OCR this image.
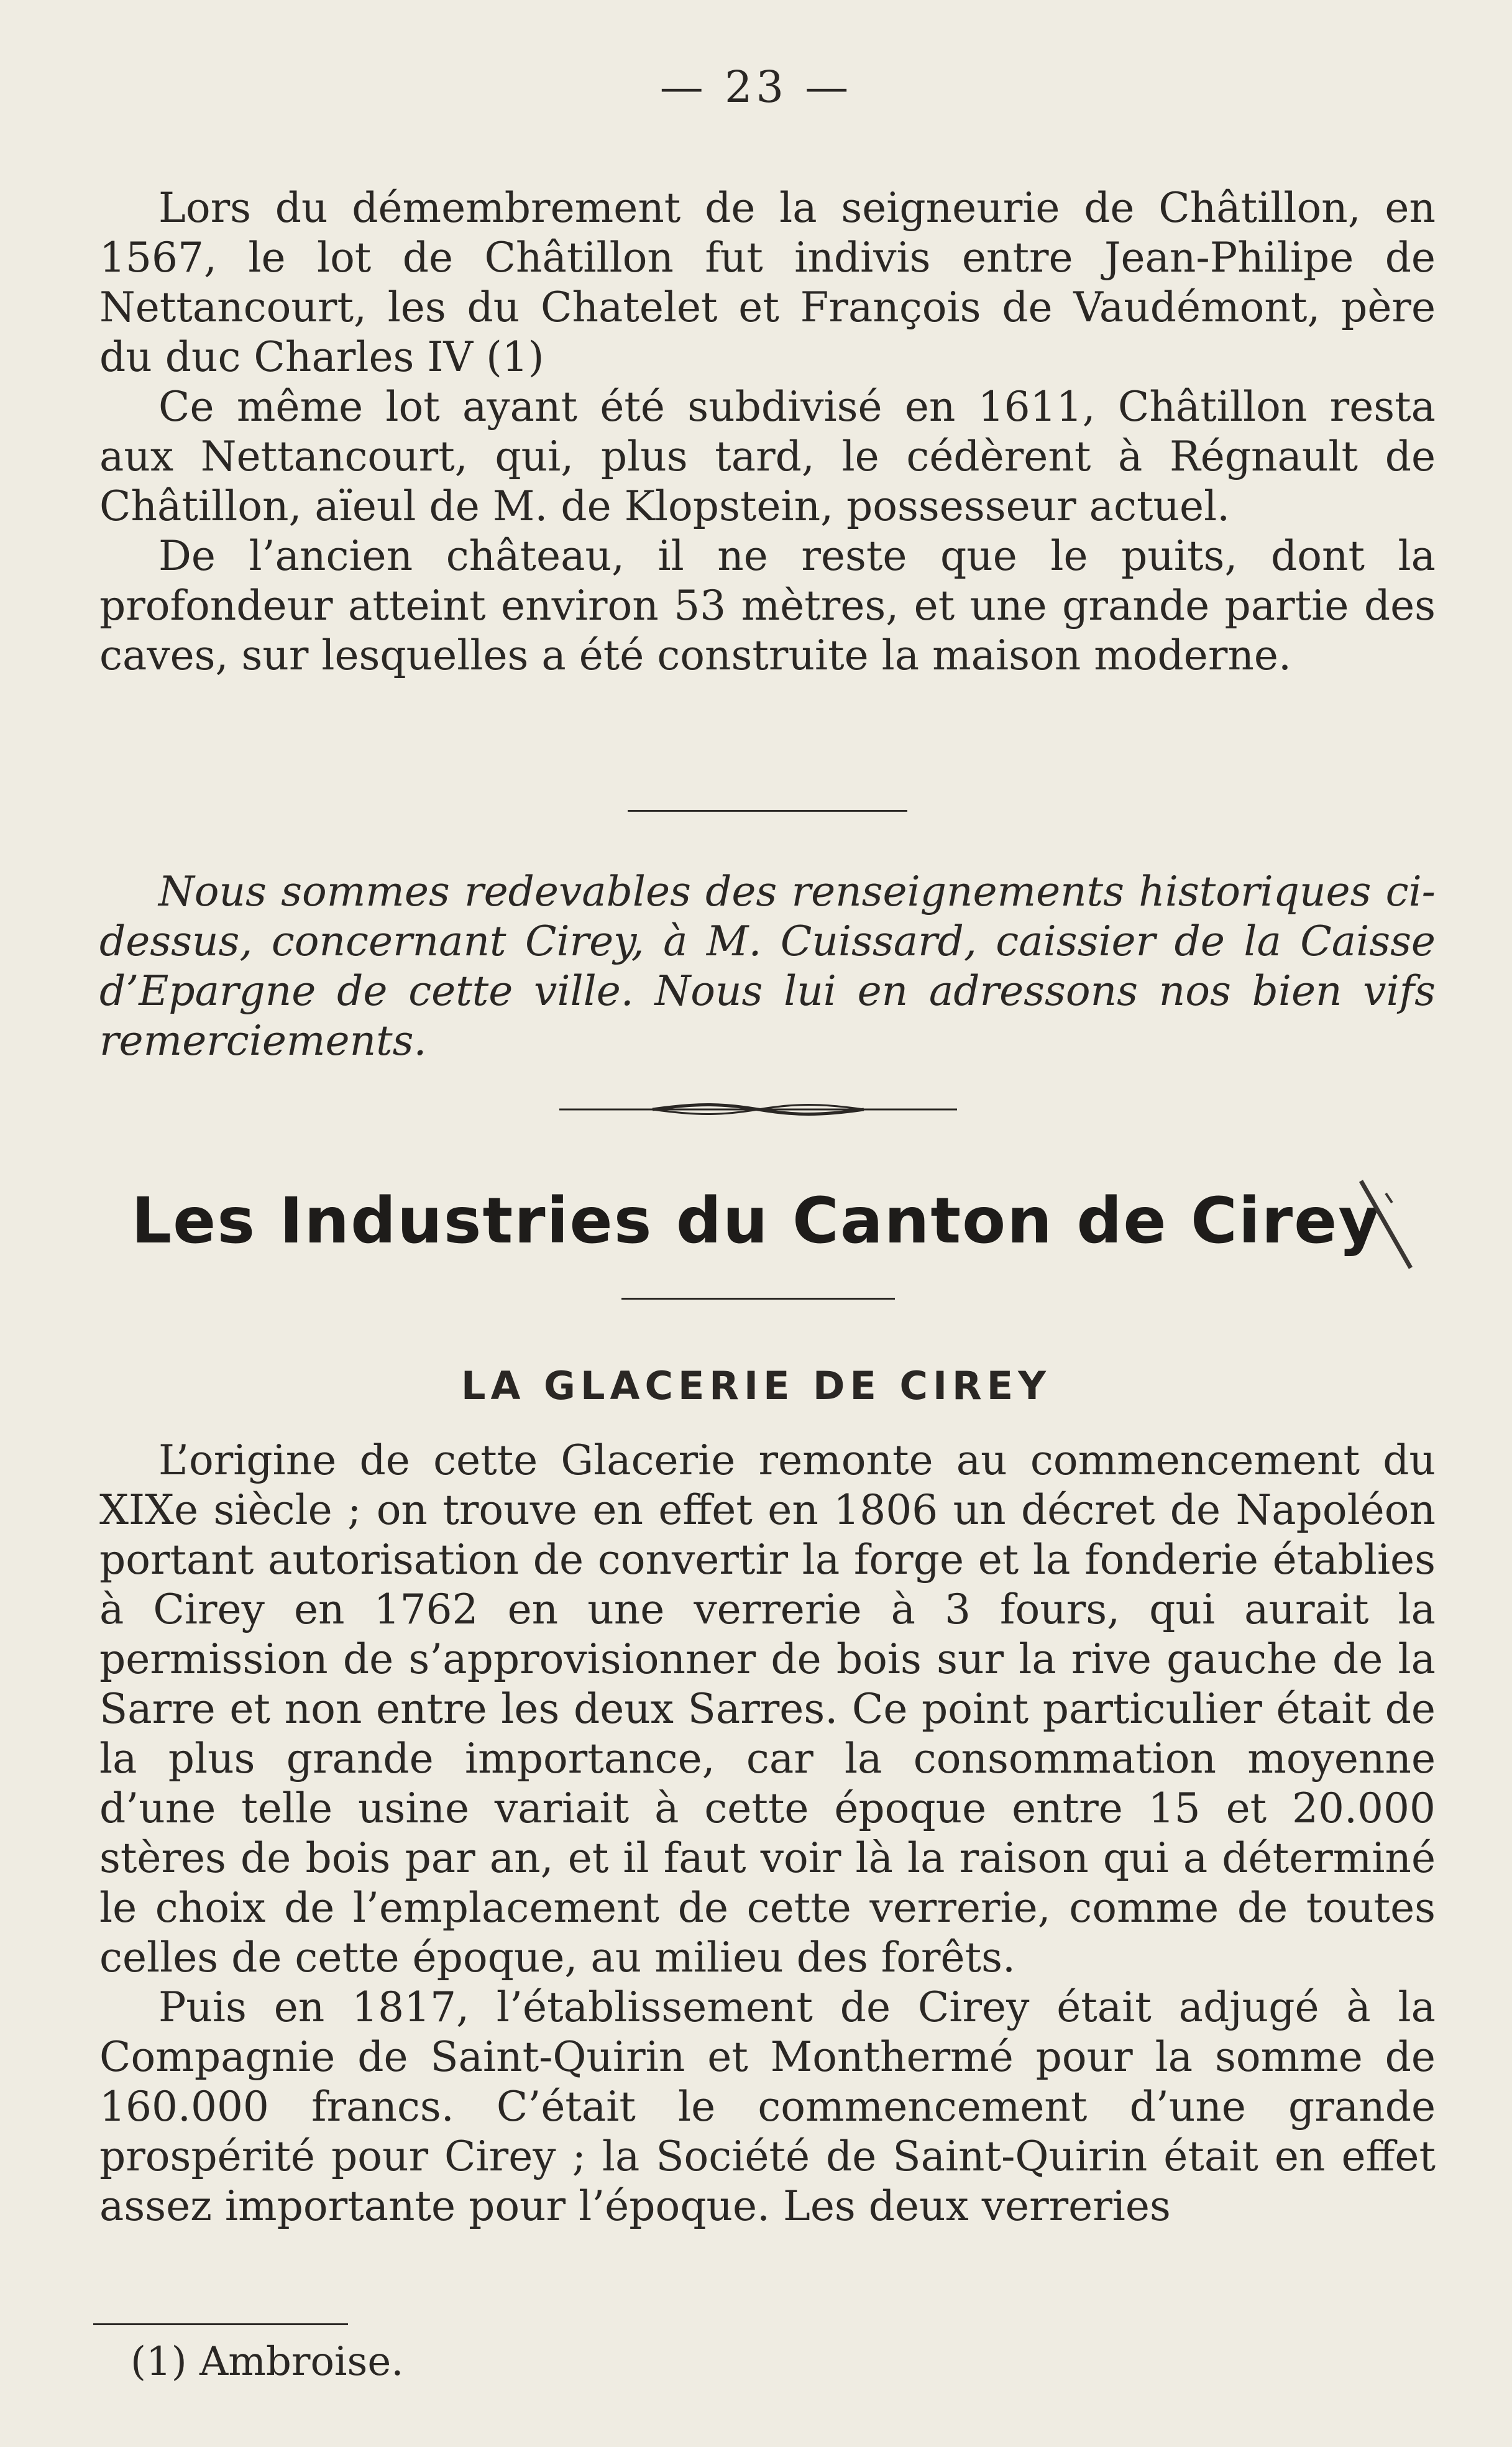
— 23 —

Lors du démembrement de la seigneurie de Châtillon, en 1567, le lot de Châtillon fut indivis entre Jean-Philipe de Nettancourt, les du Chatelet et François de Vaudémont, père du duc Charles IV (1)

Ce même lot ayant été subdivisé en 1611, Châtillon resta aux Nettancourt, qui, plus tard, le cédèrent à Régnault de Châtillon, aïeul de M. de Klopstein, possesseur actuel.

De l’ancien château, il ne reste que le puits, dont la profondeur atteint environ 53 mètres, et une grande partie des caves, sur lesquelles a été construite la maison moderne.

Nous sommes redevables des renseignements historiques ci-dessus, concernant Cirey, à M. Cuissard, caissier de la Caisse d’Epargne de cette ville. Nous lui en adressons nos bien vifs remerciements.

Les Industries du Canton de Cirey
LA GLACERIE DE CIREY

L’origine de cette Glacerie remonte au commencement du XIXe siècle ; on trouve en effet en 1806 un décret de Napoléon portant autorisation de convertir la forge et la fonderie établies à Cirey en 1762 en une verrerie à 3 fours, qui aurait la permission de s’approvisionner de bois sur la rive gauche de la Sarre et non entre les deux Sarres. Ce point particulier était de la plus grande importance, car la consommation moyenne d’une telle usine variait à cette époque entre 15 et 20.000 stères de bois par an, et il faut voir là la raison qui a déterminé le choix de l’emplacement de cette verrerie, comme de toutes celles de cette époque, au milieu des forêts.

Puis en 1817, l’établissement de Cirey était adjugé à la Compagnie de Saint-Quirin et Monthermé pour la somme de 160.000 francs. C’était le commencement d’une grande prospérité pour Cirey ; la Société de Saint-Quirin était en effet assez importante pour l’époque. Les deux verreries

(1) Ambroise.
